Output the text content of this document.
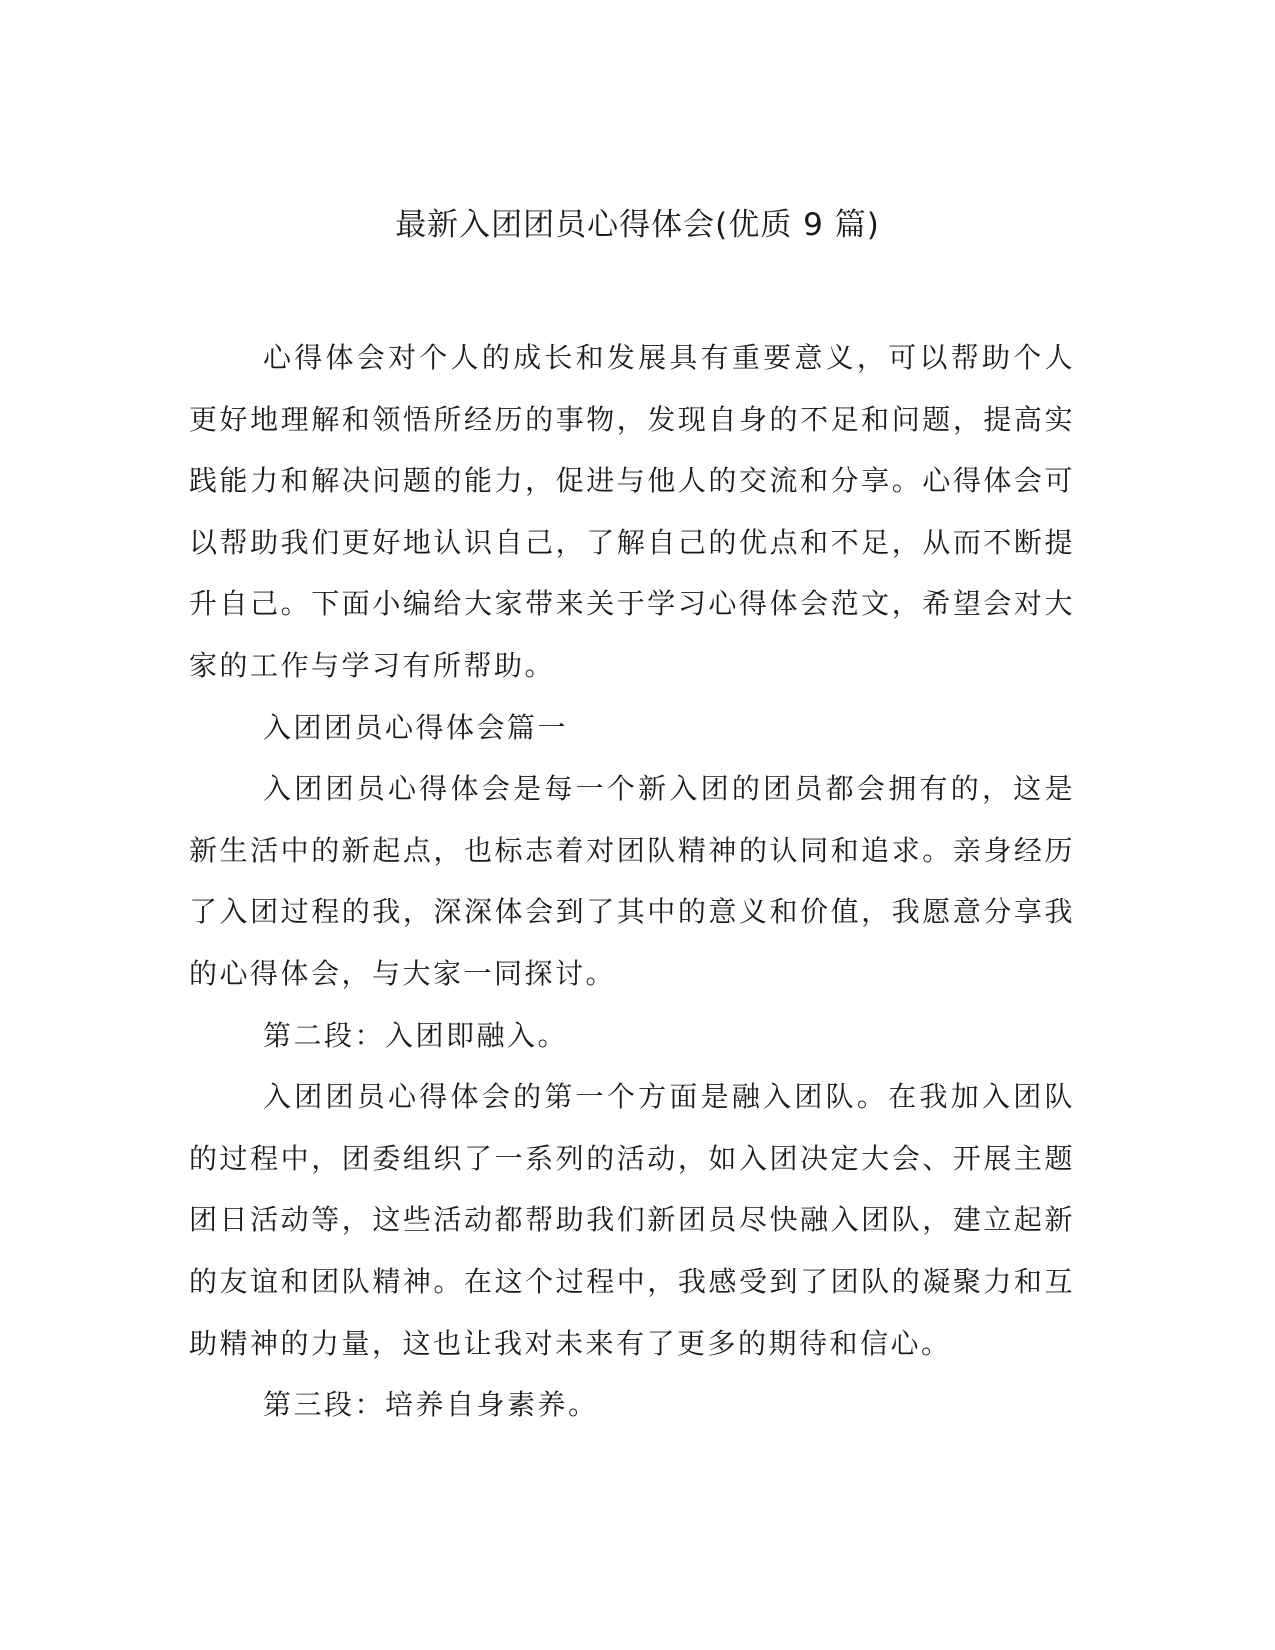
最新入团团员心得体会(优质 9 篇)

心得体会对个人的成长和发展具有重要意义，可以帮助个人更好地理解和领悟所经历的事物，发现自身的不足和问题，提高实践能力和解决问题的能力，促进与他人的交流和分享。心得体会可以帮助我们更好地认识自己，了解自己的优点和不足，从而不断提升自己。下面小编给大家带来关于学习心得体会范文，希望会对大家的工作与学习有所帮助。

入团团员心得体会篇一

入团团员心得体会是每一个新入团的团员都会拥有的，这是新生活中的新起点，也标志着对团队精神的认同和追求。亲身经历了入团过程的我，深深体会到了其中的意义和价值，我愿意分享我的心得体会，与大家一同探讨。

第二段：入团即融入。

入团团员心得体会的第一个方面是融入团队。在我加入团队的过程中，团委组织了一系列的活动，如入团决定大会、开展主题团日活动等，这些活动都帮助我们新团员尽快融入团队，建立起新的友谊和团队精神。在这个过程中，我感受到了团队的凝聚力和互助精神的力量，这也让我对未来有了更多的期待和信心。

第三段：培养自身素养。
